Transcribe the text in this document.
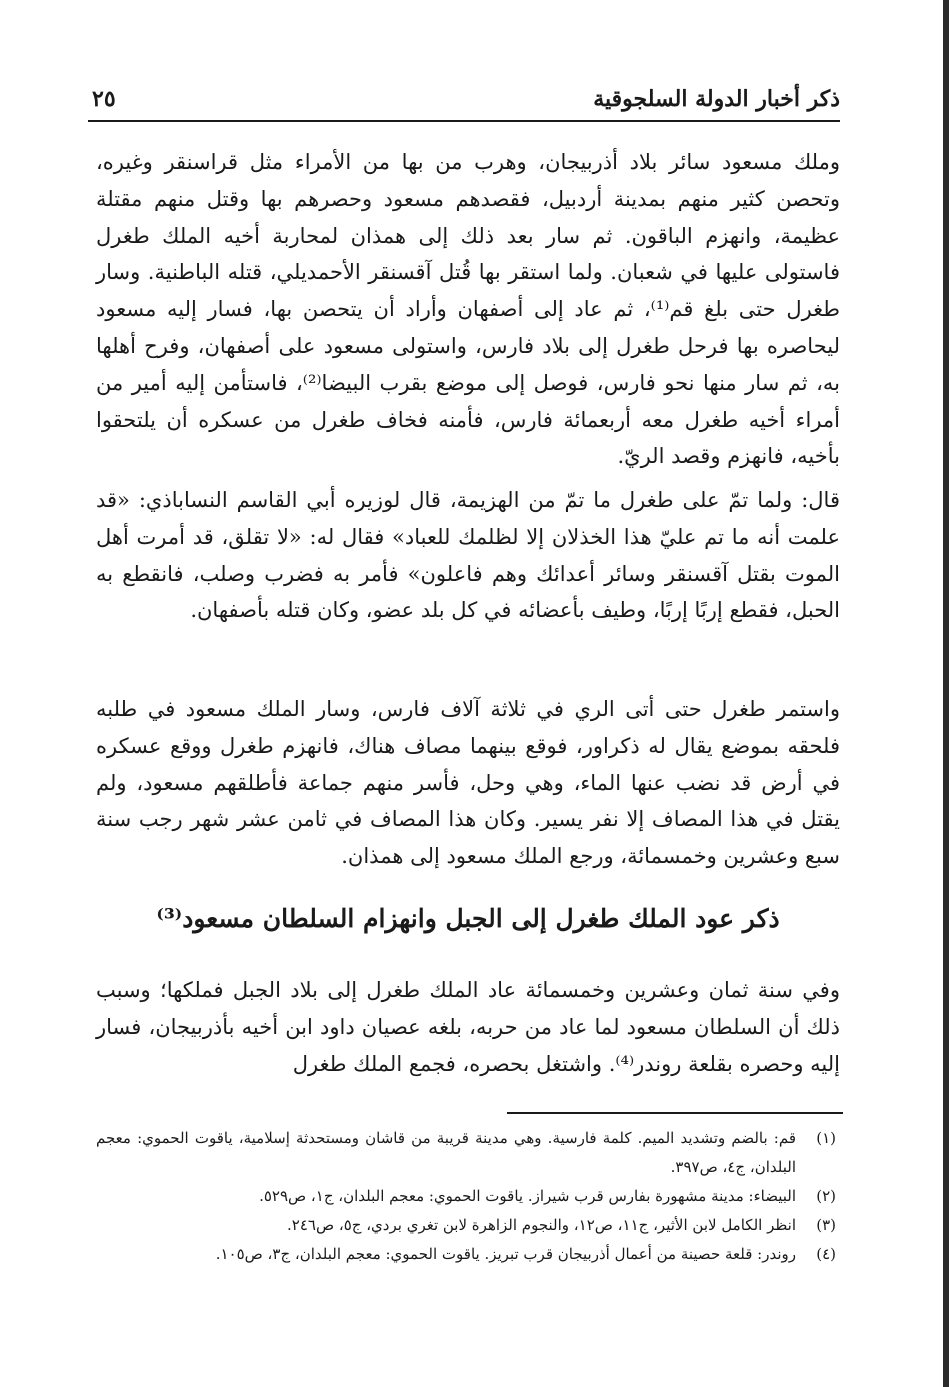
ذكر أخبار الدولة السلجوقية
٢٥

وملك مسعود سائر بلاد أذربيجان، وهرب من بها من الأمراء مثل قراسنقر وغيره، وتحصن كثير منهم بمدينة أردبيل، فقصدهم مسعود وحصرهم بها وقتل منهم مقتلة عظيمة، وانهزم الباقون. ثم سار بعد ذلك إلى همذان لمحاربة أخيه الملك طغرل فاستولى عليها في شعبان. ولما استقر بها قُتل آقسنقر الأحمديلي، قتله الباطنية. وسار طغرل حتى بلغ قم⁽¹⁾، ثم عاد إلى أصفهان وأراد أن يتحصن بها، فسار إليه مسعود ليحاصره بها فرحل طغرل إلى بلاد فارس، واستولى مسعود على أصفهان، وفرح أهلها به، ثم سار منها نحو فارس، فوصل إلى موضع بقرب البيضا⁽²⁾، فاستأمن إليه أمير من أمراء أخيه طغرل معه أربعمائة فارس، فأمنه فخاف طغرل من عسكره أن يلتحقوا بأخيه، فانهزم وقصد الريّ.

قال: ولما تمّ على طغرل ما تمّ من الهزيمة، قال لوزيره أبي القاسم النساباذي: «قد علمت أنه ما تم عليّ هذا الخذلان إلا لظلمك للعباد» فقال له: «لا تقلق، قد أمرت أهل الموت بقتل آقسنقر وسائر أعدائك وهم فاعلون» فأمر به فضرب وصلب، فانقطع به الحبل، فقطع إربًا إربًا، وطيف بأعضائه في كل بلد عضو، وكان قتله بأصفهان.

واستمر طغرل حتى أتى الري في ثلاثة آلاف فارس، وسار الملك مسعود في طلبه فلحقه بموضع يقال له ذكراور، فوقع بينهما مصاف هناك، فانهزم طغرل ووقع عسكره في أرض قد نضب عنها الماء، وهي وحل، فأسر منهم جماعة فأطلقهم مسعود، ولم يقتل في هذا المصاف إلا نفر يسير. وكان هذا المصاف في ثامن عشر شهر رجب سنة سبع وعشرين وخمسمائة، ورجع الملك مسعود إلى همذان.

ذكر عود الملك طغرل إلى الجبل وانهزام السلطان مسعود⁽³⁾

وفي سنة ثمان وعشرين وخمسمائة عاد الملك طغرل إلى بلاد الجبل فملكها؛ وسبب ذلك أن السلطان مسعود لما عاد من حربه، بلغه عصيان داود ابن أخيه بأذربيجان، فسار إليه وحصره بقلعة روندر⁽⁴⁾. واشتغل بحصره، فجمع الملك طغرل

(١)
قم: بالضم وتشديد الميم. كلمة فارسية. وهي مدينة قريبة من قاشان ومستحدثة إسلامية، ياقوت الحموي: معجم البلدان، ج٤، ص٣٩٧.
(٢)
البيضاء: مدينة مشهورة بفارس قرب شيراز. ياقوت الحموي: معجم البلدان، ج١، ص٥٢٩.
(٣)
انظر الكامل لابن الأثير، ج١١، ص١٢، والنجوم الزاهرة لابن تغري بردي، ج٥، ص٢٤٦.
(٤)
روندر: قلعة حصينة من أعمال أذربيجان قرب تبريز. ياقوت الحموي: معجم البلدان، ج٣، ص١٠٥.
